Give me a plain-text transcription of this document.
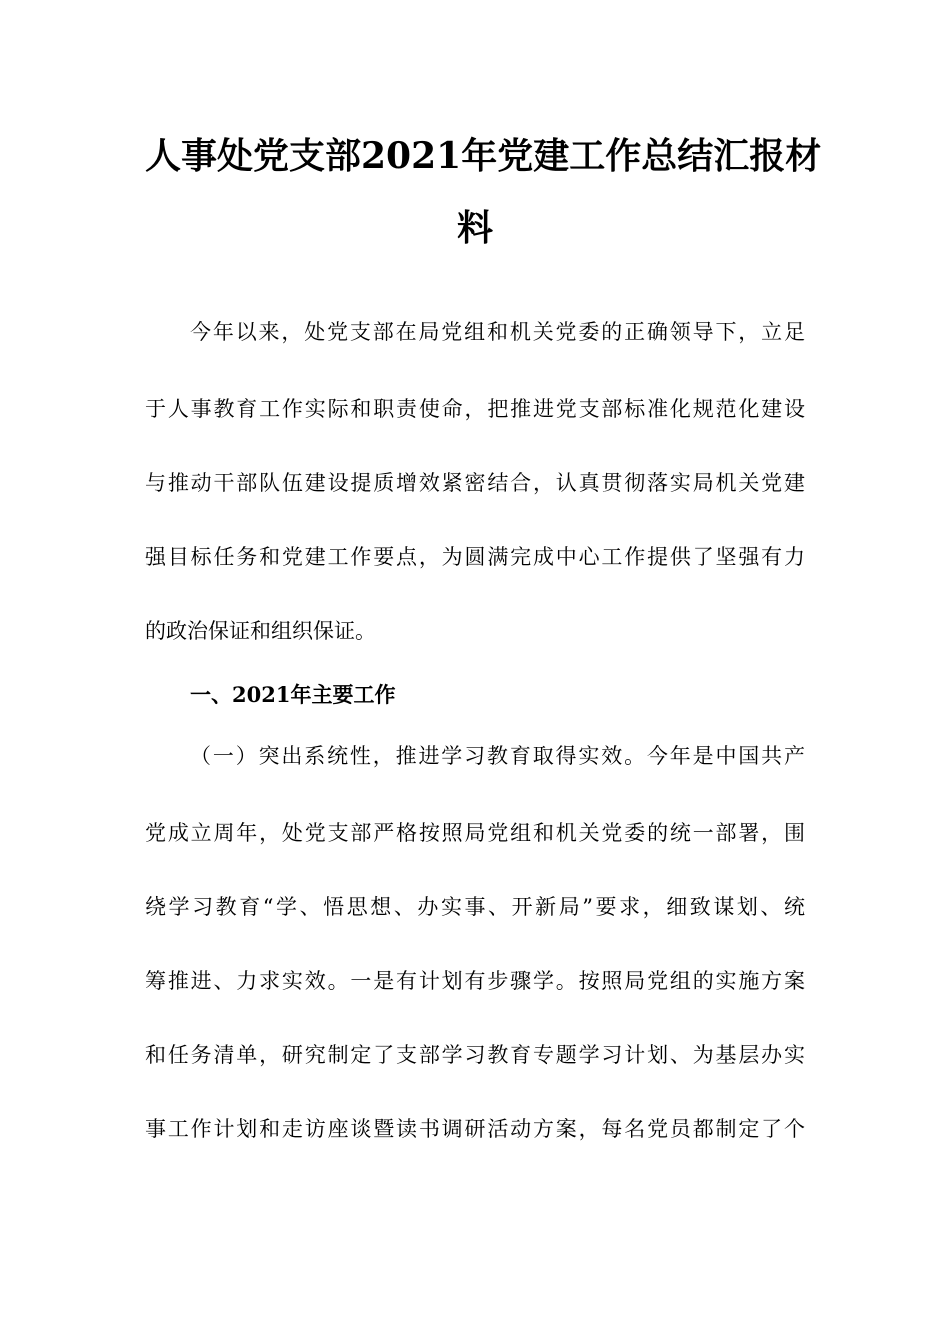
人事处党支部2021年党建工作总结汇报材
料

今年以来，处党支部在局党组和机关党委的正确领导下，立足

于人事教育工作实际和职责使命，把推进党支部标准化规范化建设

与推动干部队伍建设提质增效紧密结合，认真贯彻落实局机关党建

强目标任务和党建工作要点，为圆满完成中心工作提供了坚强有力

的政治保证和组织保证。

一、2021年主要工作

（一）突出系统性，推进学习教育取得实效。今年是中国共产

党成立周年，处党支部严格按照局党组和机关党委的统一部署，围

绕学习教育“学、悟思想、办实事、开新局”要求，细致谋划、统

筹推进、力求实效。一是有计划有步骤学。按照局党组的实施方案

和任务清单，研究制定了支部学习教育专题学习计划、为基层办实

事工作计划和走访座谈暨读书调研活动方案，每名党员都制定了个
